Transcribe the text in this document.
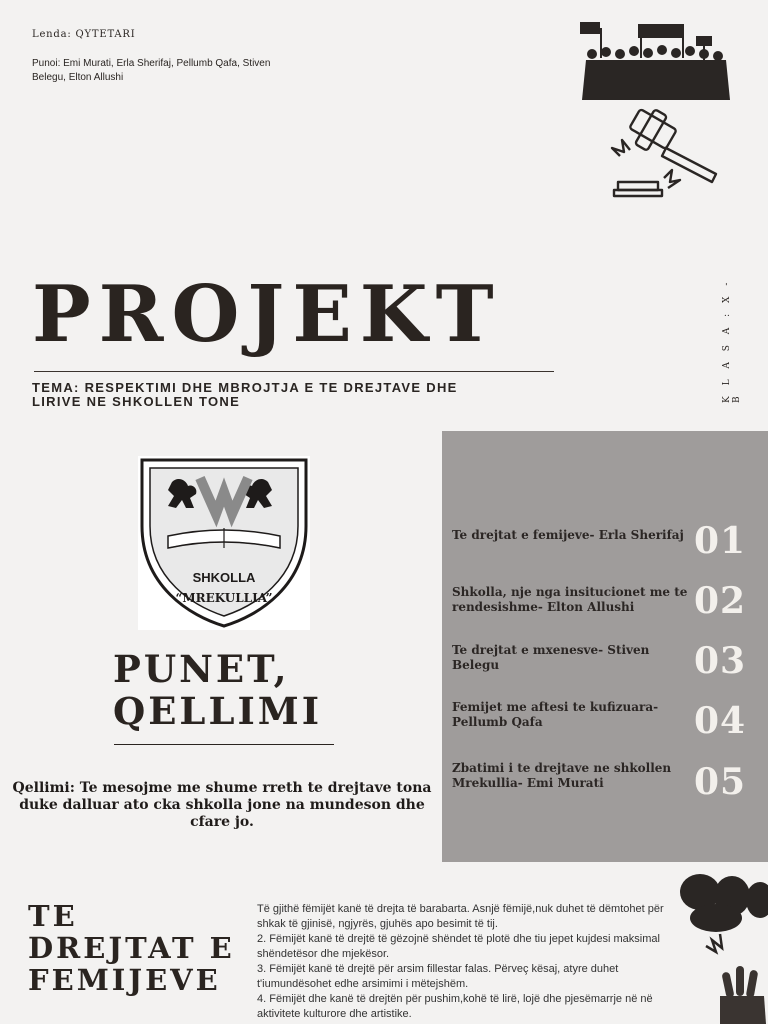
Lenda: QYTETARI
Punoi: Emi Murati, Erla Sherifaj, Pellumb Qafa, Stiven Belegu, Elton Allushi
PROJEKT
TEMA: RESPEKTIMI DHE MBROJTJA E TE DREJTAVE DHE LIRIVE NE SHKOLLEN TONE	K L A S A : X - B
SHKOLLA
“MREKULLIA”
PUNET,
QELLIMI
Qellimi: Te mesojme me shume rreth te drejtave tona duke dalluar ato cka shkolla jone na mundeson dhe cfare jo.
Te drejtat e femijeve- Erla Sherifaj 01
Shkolla, nje nga insitucionet me te rendesishme- Elton Allushi	02
Te drejtat e mxenesve- Stiven Belegu	03
Femijet me aftesi te kufizuara- Pellumb Qafa	04
Zbatimi i te drejtave ne shkollen Mrekullia- Emi Murati	05
TE
DREJTAT E
FEMIJEVE
Të gjithë fëmijët kanë të drejta të barabarta. Asnjë fëmijë,nuk duhet të dëmtohet për shkak të gjinisë, ngjyrës, gjuhës apo besimit të tij.
2. Fëmijët kanë të drejtë të gëzojnë shëndet të plotë dhe tiu jepet kujdesi maksimal shëndetësor dhe mjekësor.
3. Fëmijët kanë të drejtë për arsim fillestar falas. Përveç kësaj, atyre duhet t'iumundësohet edhe arsimimi i mëtejshëm.
4. Fëmijët dhe kanë të drejtën për pushim,kohë të lirë, lojë dhe pjesëmarrje në në aktivitete kulturore dhe artistike.
